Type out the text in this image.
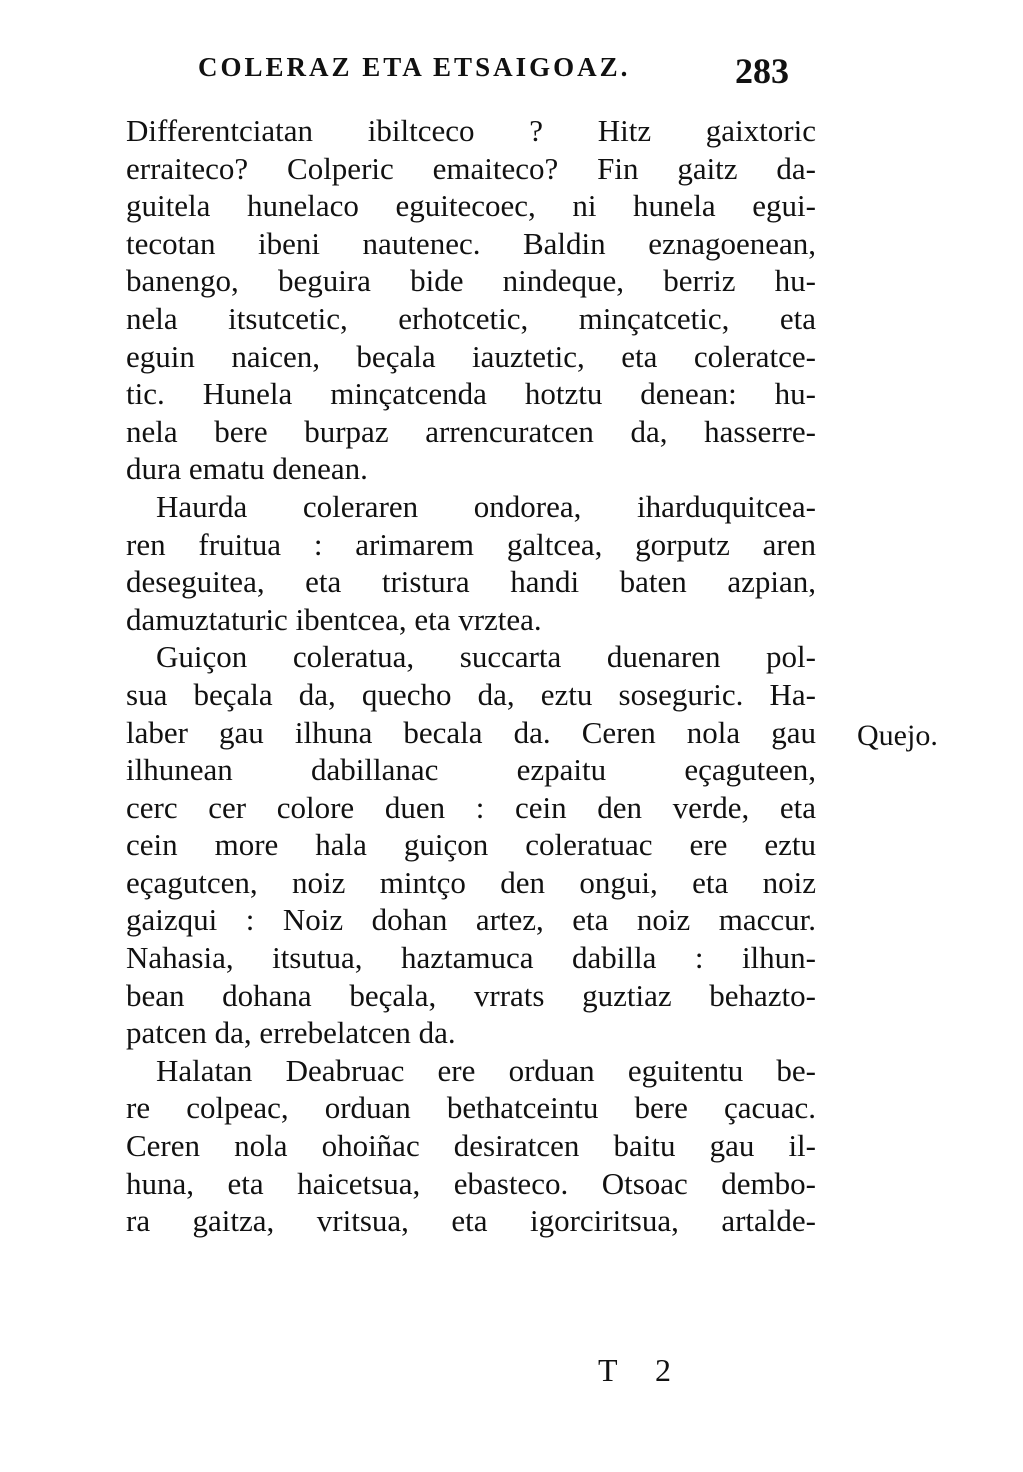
COLERAZ ETA ETSAIGOAZ.	283
Differentciatan ibiltceco ? Hitz gaixtoric
erraiteco? Colperic emaiteco? Fin gaitz da-
guitela hunelaco eguitecoec, ni hunela egui-
tecotan ibeni nautenec. Baldin eznagoenean,
banengo, beguira bide nindeque, berriz hu-
nela itsutcetic, erhotcetic, minçatcetic, eta
eguin naicen, beçala iauztetic, eta coleratce-
tic. Hunela minçatcenda hotztu denean: hu-
nela bere burpaz arrencuratcen da, hasserre-
dura ematu denean.
Haurda coleraren ondorea, iharduquitcea-
ren fruitua : arimarem galtcea, gorputz aren
deseguitea, eta tristura handi baten azpian,
damuztaturic ibentcea, eta vrztea.
Guiçon coleratua, succarta duenaren pol-
sua beçala da, quecho da, eztu soseguric. Ha-
laber gau ilhuna becala da. Ceren nola gau
ilhunean dabillanac ezpaitu eçaguteen,
cerc cer colore duen : cein den verde, eta
cein more hala guiçon coleratuac ere eztu
eçagutcen, noiz mintço den ongui, eta noiz
gaizqui : Noiz dohan artez, eta noiz maccur.
Nahasia, itsutua, haztamuca dabilla : ilhun-
bean dohana beçala, vrrats guztiaz behazto-
patcen da, errebelatcen da.
Halatan Deabruac ere orduan eguitentu be-
re colpeac, orduan bethatceintu bere çacuac.
Ceren nola ohoiñac desiratcen baitu gau il-
huna, eta haicetsua, ebasteco. Otsoac dembo-
ra gaitza, vritsua, eta igorciritsua, artalde-
Quejo.
T 2
